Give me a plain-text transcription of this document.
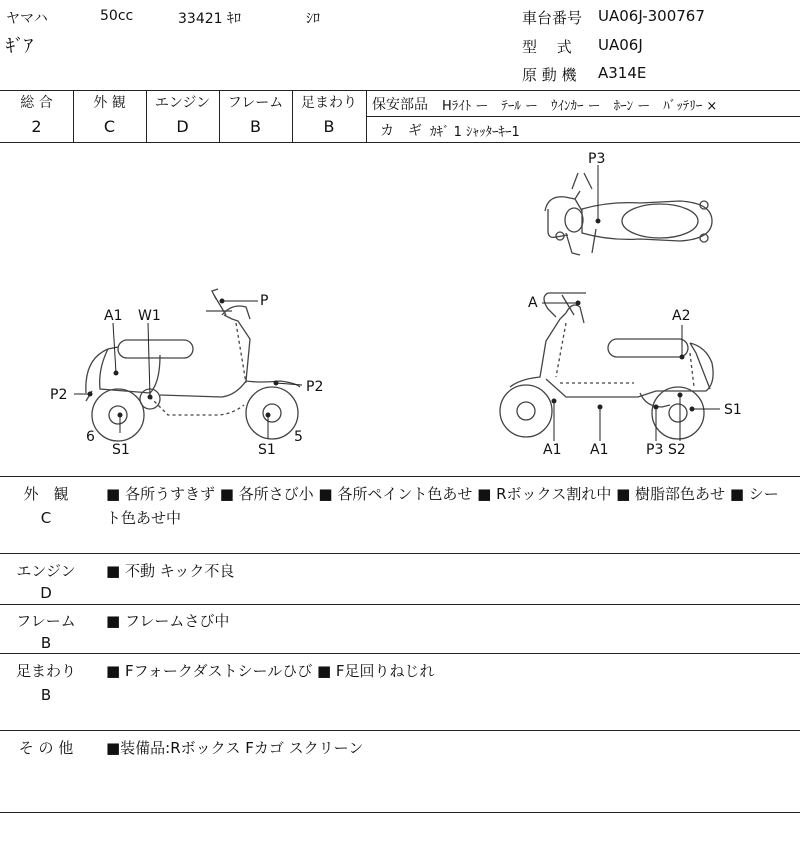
ヤマハ	50cc	33421 ｷﾛ	ｼﾛ
ｷﾞｱ
車台番号 UA06J-300767
型　 式 UA06J
原 動 機 A314E
総 合	外 観	エンジン	フレーム	足まわり
2	C	D	B	B
保安部品 Hﾗｲﾄ ー　ﾃｰﾙ ー　ｳｲﾝｶｰ ー　ﾎｰﾝ ー　ﾊﾞｯﾃﾘｰ ×
カ　ギ ｶｷﾞ 1 ｼｬｯﾀｰｷｰ1
P3
A1 W1
P
P2	P2
6
S1	S1
5
A
A2
S1
A1 A1	P3 S2
外　観
C
■ 各所うすきず ■ 各所さび小 ■ 各所ペイント色あせ ■ Rボックス割れ中 ■ 樹脂部色あせ ■ シート色あせ中
エンジン
D
■ 不動 キック不良
フレーム
B
■ フレームさび中
足まわり
B
■ Fフォークダストシールひび ■ F足回りねじれ
そ の 他	■装備品:Rボックス Fカゴ スクリーン
